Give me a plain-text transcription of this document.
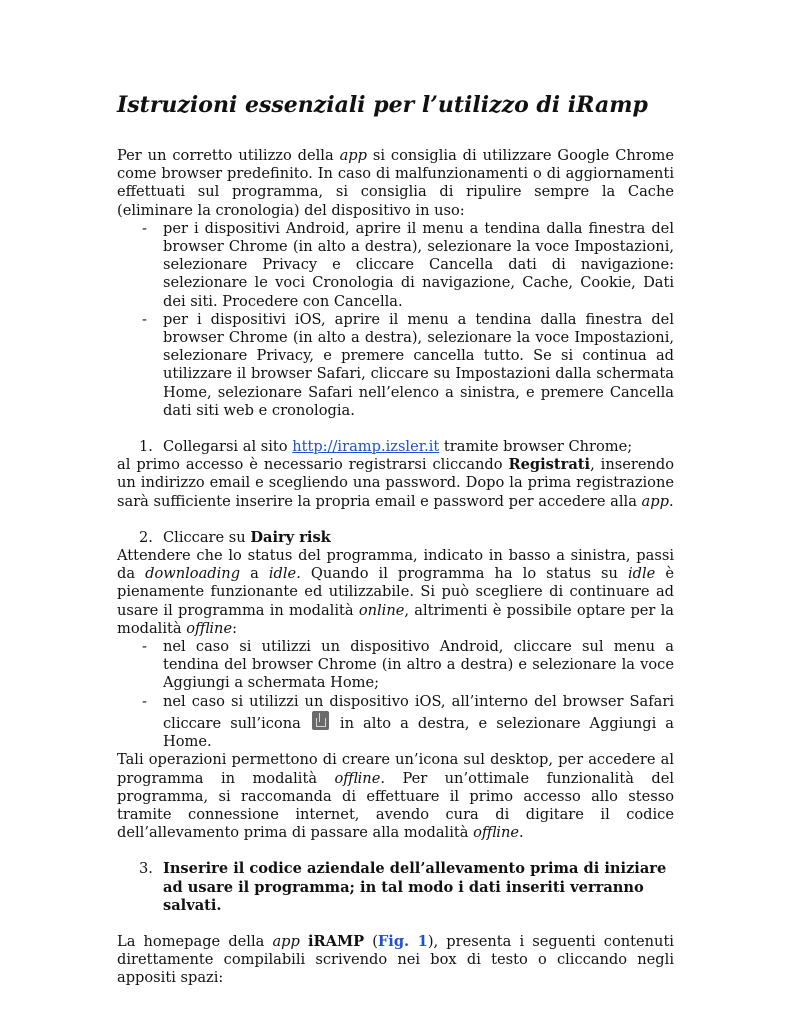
Istruzioni essenziali per l’utilizzo di iRamp

Per un corretto utilizzo della app si consiglia di utilizzare Google Chrome come browser predefinito. In caso di malfunzionamenti o di aggiornamenti effettuati sul programma, si consiglia di ripulire sempre la Cache (eliminare la cronologia) del dispositivo in uso:

- per i dispositivi Android, aprire il menu a tendina dalla finestra del browser Chrome (in alto a destra), selezionare la voce Impostazioni, selezionare Privacy e cliccare Cancella dati di navigazione: selezionare le voci Cronologia di navigazione, Cache, Cookie, Dati dei siti. Procedere con Cancella.
- per i dispositivi iOS, aprire il menu a tendina dalla finestra del browser Chrome (in alto a destra), selezionare la voce Impostazioni, selezionare Privacy, e premere cancella tutto. Se si continua ad utilizzare il browser Safari, cliccare su Impostazioni dalla schermata Home, selezionare Safari nell’elenco a sinistra, e premere Cancella dati siti web e cronologia.
1. Collegarsi al sito http://iramp.izsler.it tramite browser Chrome;

al primo accesso è necessario registrarsi cliccando Registrati, inserendo un indirizzo email e scegliendo una password. Dopo la prima registrazione sarà sufficiente inserire la propria email e password per accedere alla app.

2. Cliccare su Dairy risk

Attendere che lo status del programma, indicato in basso a sinistra, passi da downloading a idle. Quando il programma ha lo status su idle è pienamente funzionante ed utilizzabile. Si può scegliere di continuare ad usare il programma in modalità online, altrimenti è possibile optare per la modalità offline:

- nel caso si utilizzi un dispositivo Android, cliccare sul menu a tendina del browser Chrome (in altro a destra) e selezionare la voce Aggiungi a schermata Home;
- nel caso si utilizzi un dispositivo iOS, all’interno del browser Safari cliccare sull’icona  in alto a destra, e selezionare Aggiungi a Home.

Tali operazioni permettono di creare un’icona sul desktop, per accedere al programma in modalità offline. Per un’ottimale funzionalità del programma, si raccomanda di effettuare il primo accesso allo stesso tramite connessione internet, avendo cura di digitare il codice dell’allevamento prima di passare alla modalità offline.

3. Inserire il codice aziendale dell’allevamento prima di iniziare ad usare il programma; in tal modo i dati inseriti verranno salvati.

La homepage della app iRAMP (Fig. 1), presenta i seguenti contenuti direttamente compilabili scrivendo nei box di testo o cliccando negli appositi spazi:
